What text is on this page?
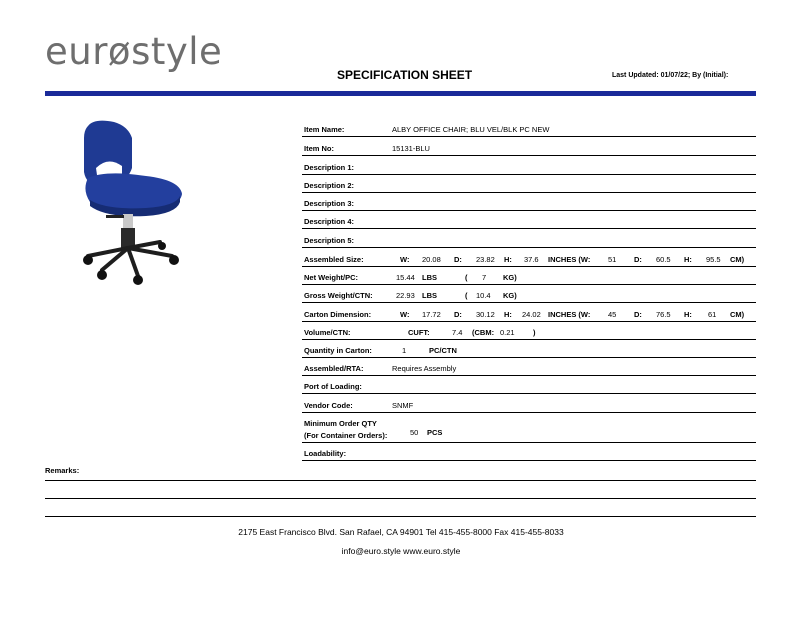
eurøstyle
SPECIFICATION SHEET	Last Updated: 01/07/22; By (Initial):
Item Name:	ALBY OFFICE CHAIR; BLU VEL/BLK PC NEW
Item No:	15131-BLU
Description 1:
Description 2:
Description 3:
Description 4:
Description 5:
Assembled Size:	W: 20.08 D: 23.82 H: 37.6 INCHES (W: 51 D: 60.5 H: 95.5 CM)
Net Weight/PC:	15.44 LBS	( 7 KG)
Gross Weight/CTN:	22.93 LBS	( 10.4 KG)
Carton Dimension:	W: 17.72 D: 30.12 H: 24.02 INCHES (W: 45 D: 76.5 H: 61 CM)
Volume/CTN:	CUFT:	7.4 (CBM: 0.21 )
Quantity in Carton:	1	PC/CTN
Assembled/RTA:	Requires Assembly
Port of Loading:
Vendor Code:	SNMF
Minimum Order QTY
(For Container Orders):	50 PCS
Loadability:
Remarks:
2175 East Francisco Blvd. San Rafael, CA 94901 Tel 415-455-8000 Fax 415-455-8033
info@euro.style www.euro.style
